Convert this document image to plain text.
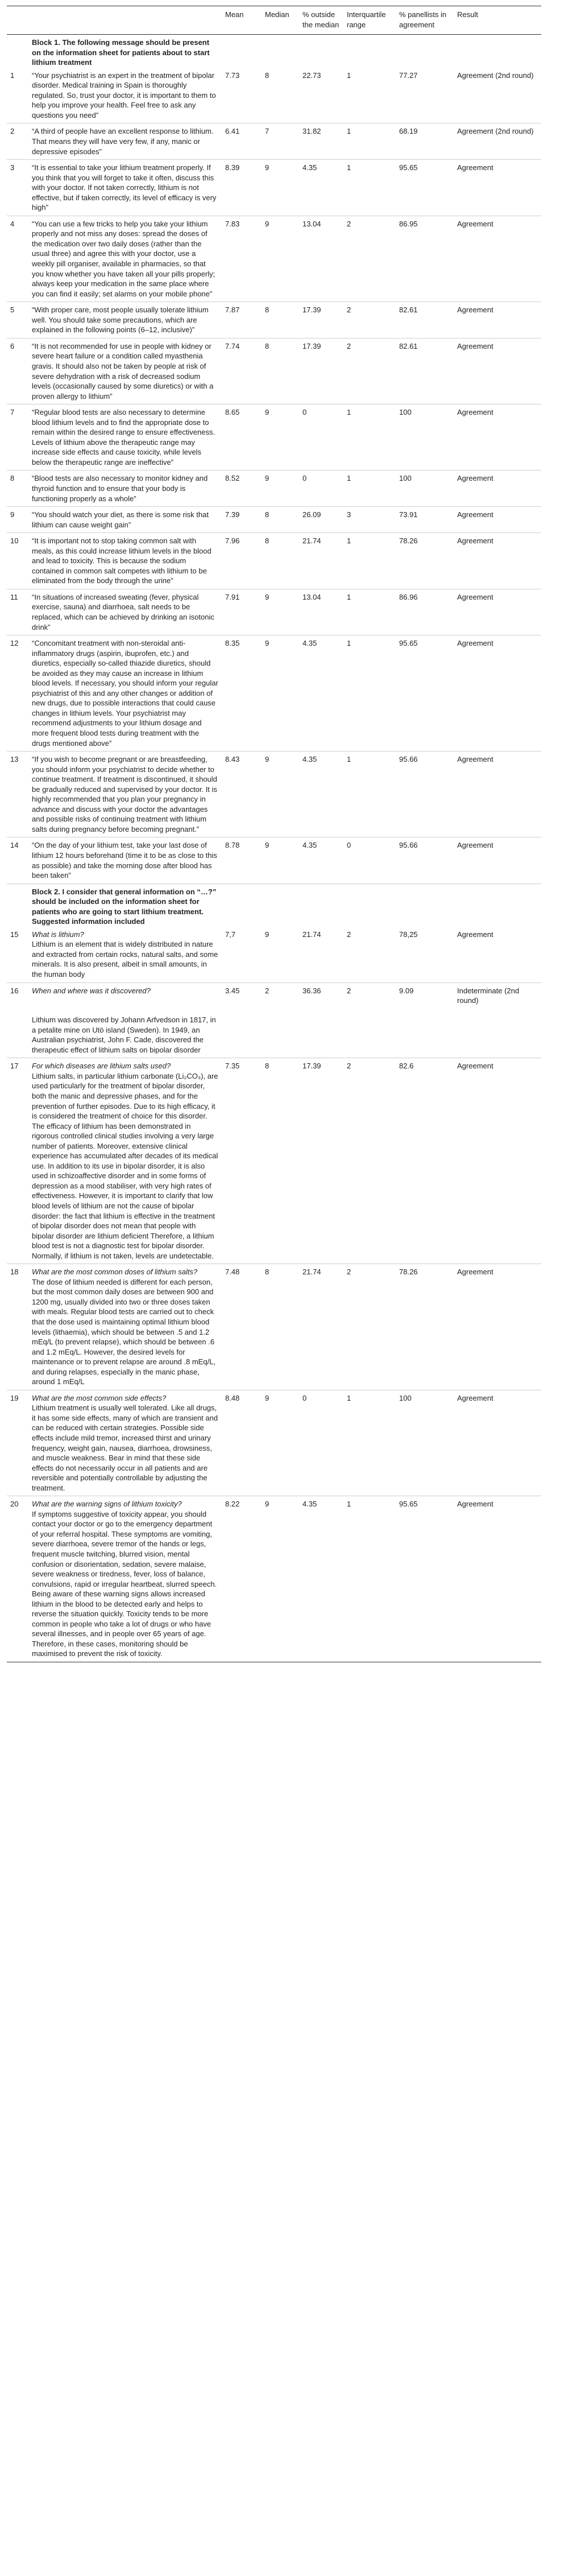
		Mean	Median	% outside the median	Interquartile range	% panellists in agreement	Result
	Block 1. The following message should be present on the information sheet for patients about to start lithium treatment						
1	“Your psychiatrist is an expert in the treatment of bipolar disorder. Medical training in Spain is thoroughly regulated. So, trust your doctor, it is important to them to help you improve your health. Feel free to ask any questions you need”	7.73	8	22.73	1	77.27	Agreement (2nd round)
2	“A third of people have an excellent response to lithium. That means they will have very few, if any, manic or depressive episodes”	6.41	7	31.82	1	68.19	Agreement (2nd round)
3	“It is essential to take your lithium treatment properly. If you think that you will forget to take it often, discuss this with your doctor. If not taken correctly, lithium is not effective, but if taken correctly, its level of efficacy is very high”	8.39	9	4.35	1	95.65	Agreement
4	“You can use a few tricks to help you take your lithium properly and not miss any doses: spread the doses of the medication over two daily doses (rather than the usual three) and agree this with your doctor, use a weekly pill organiser, available in pharmacies, so that you know whether you have taken all your pills properly; always keep your medication in the same place where you can find it easily; set alarms on your mobile phone”	7.83	9	13.04	2	86.95	Agreement
5	“With proper care, most people usually tolerate lithium well. You should take some precautions, which are explained in the following points (6–12, inclusive)”	7.87	8	17.39	2	82.61	Agreement
6	“It is not recommended for use in people with kidney or severe heart failure or a condition called myasthenia gravis. It should also not be taken by people at risk of severe dehydration with a risk of decreased sodium levels (occasionally caused by some diuretics) or with a proven allergy to lithium”	7.74	8	17.39	2	82.61	Agreement
7	“Regular blood tests are also necessary to determine blood lithium levels and to find the appropriate dose to remain within the desired range to ensure effectiveness. Levels of lithium above the therapeutic range may increase side effects and cause toxicity, while levels below the therapeutic range are ineffective”	8.65	9	0	1	100	Agreement
8	“Blood tests are also necessary to monitor kidney and thyroid function and to ensure that your body is functioning properly as a whole”	8.52	9	0	1	100	Agreement
9	“You should watch your diet, as there is some risk that lithium can cause weight gain”	7.39	8	26.09	3	73.91	Agreement
10	“It is important not to stop taking common salt with meals, as this could increase lithium levels in the blood and lead to toxicity. This is because the sodium contained in common salt competes with lithium to be eliminated from the body through the urine”	7.96	8	21.74	1	78.26	Agreement
11	“In situations of increased sweating (fever, physical exercise, sauna) and diarrhoea, salt needs to be replaced, which can be achieved by drinking an isotonic drink”	7.91	9	13.04	1	86.96	Agreement
12	“Concomitant treatment with non-steroidal anti-inflammatory drugs (aspirin, ibuprofen, etc.) and diuretics, especially so-called thiazide diuretics, should be avoided as they may cause an increase in lithium blood levels. If necessary, you should inform your regular psychiatrist of this and any other changes or addition of new drugs, due to possible interactions that could cause changes in lithium levels. Your psychiatrist may recommend adjustments to your lithium dosage and more frequent blood tests during treatment with the drugs mentioned above”	8.35	9	4.35	1	95.65	Agreement
13	“If you wish to become pregnant or are breastfeeding, you should inform your psychiatrist to decide whether to continue treatment. If treatment is discontinued, it should be gradually reduced and supervised by your doctor. It is highly recommended that you plan your pregnancy in advance and discuss with your doctor the advantages and possible risks of continuing treatment with lithium salts during pregnancy before becoming pregnant.”	8.43	9	4.35	1	95.66	Agreement
14	“On the day of your lithium test, take your last dose of lithium 12 hours beforehand (time it to be as close to this as possible) and take the morning dose after blood has been taken”	8.78	9	4.35	0	95.66	Agreement
	Block 2. I consider that general information on “…?” should be included on the information sheet for patients who are going to start lithium treatment. Suggested information included						
15	What is lithium?
Lithium is an element that is widely distributed in nature and extracted from certain rocks, natural salts, and some minerals. It is also present, albeit in small amounts, in the human body	7,7	9	21.74	2	78,25	Agreement
16	When and where was it discovered?
Lithium was discovered by Johann Arfvedson in 1817, in a petalite mine on Utö island (Sweden). In 1949, an Australian psychiatrist, John F. Cade, discovered the therapeutic effect of lithium salts on bipolar disorder	3.45	2	36.36	2	9.09	Indeterminate (2nd round)
17	For which diseases are lithium salts used?
Lithium salts, in particular lithium carbonate (Li₂CO₃), are used particularly for the treatment of bipolar disorder, both the manic and depressive phases, and for the prevention of further episodes. Due to its high efficacy, it is considered the treatment of choice for this disorder. The efficacy of lithium has been demonstrated in rigorous controlled clinical studies involving a very large number of patients. Moreover, extensive clinical experience has accumulated after decades of its medical use. In addition to its use in bipolar disorder, it is also used in schizoaffective disorder and in some forms of depression as a mood stabiliser, with very high rates of effectiveness. However, it is important to clarify that low blood levels of lithium are not the cause of bipolar disorder: the fact that lithium is effective in the treatment of bipolar disorder does not mean that people with bipolar disorder are lithium deficient Therefore, a lithium blood test is not a diagnostic test for bipolar disorder. Normally, if lithium is not taken, levels are undetectable.	7.35	8	17.39	2	82.6	Agreement
18	What are the most common doses of lithium salts?
The dose of lithium needed is different for each person, but the most common daily doses are between 900 and 1200 mg, usually divided into two or three doses taken with meals. Regular blood tests are carried out to check that the dose used is maintaining optimal lithium blood levels (lithaemia), which should be between .5 and 1.2 mEq/L (to prevent relapse), which should be between .6 and 1.2 mEq/L. However, the desired levels for maintenance or to prevent relapse are around .8 mEq/L, and during relapses, especially in the manic phase, around 1 mEq/L	7.48	8	21.74	2	78.26	Agreement
19	What are the most common side effects?
Lithium treatment is usually well tolerated. Like all drugs, it has some side effects, many of which are transient and can be reduced with certain strategies. Possible side effects include mild tremor, increased thirst and urinary frequency, weight gain, nausea, diarrhoea, drowsiness, and muscle weakness. Bear in mind that these side effects do not necessarily occur in all patients and are reversible and potentially controllable by adjusting the treatment.	8.48	9	0	1	100	Agreement
20	What are the warning signs of lithium toxicity?
If symptoms suggestive of toxicity appear, you should contact your doctor or go to the emergency department of your referral hospital. These symptoms are vomiting, severe diarrhoea, severe tremor of the hands or legs, frequent muscle twitching, blurred vision, mental confusion or disorientation, sedation, severe malaise, severe weakness or tiredness, fever, loss of balance, convulsions, rapid or irregular heartbeat, slurred speech. Being aware of these warning signs allows increased lithium in the blood to be detected early and helps to reverse the situation quickly. Toxicity tends to be more common in people who take a lot of drugs or who have several illnesses, and in people over 65 years of age. Therefore, in these cases, monitoring should be maximised to prevent the risk of toxicity.	8.22	9	4.35	1	95.65	Agreement
